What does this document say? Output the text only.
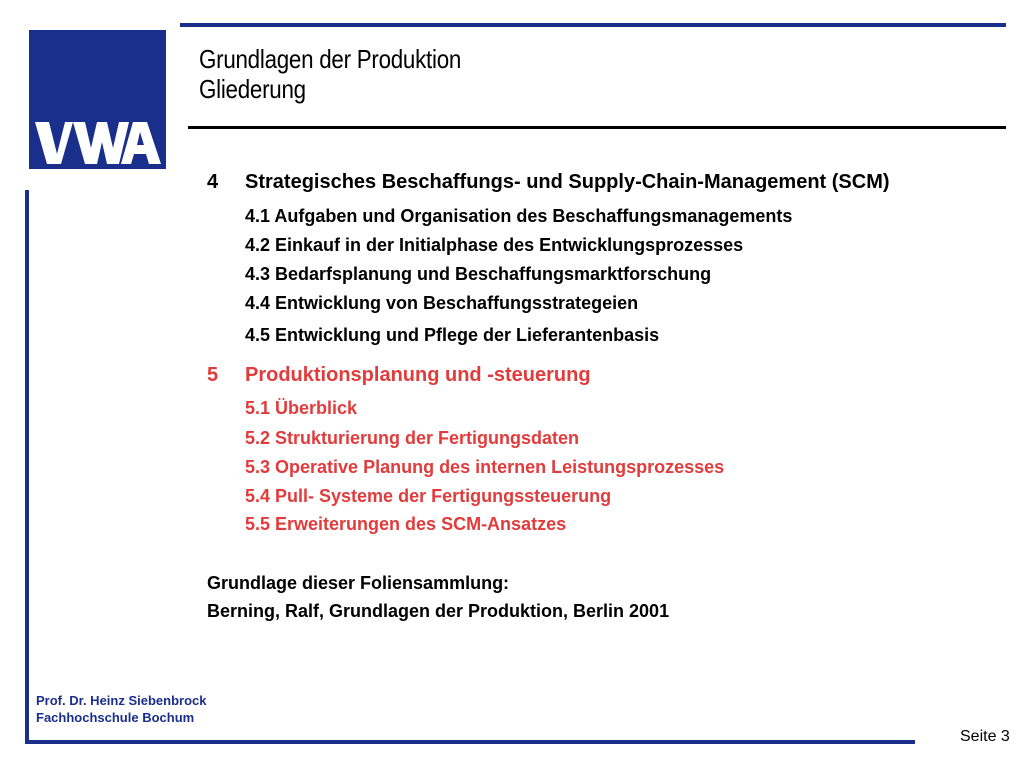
Grundlagen der Produktion
Gliederung
4 Strategisches Beschaffungs- und Supply-Chain-Management (SCM)
4.1 Aufgaben und Organisation des Beschaffungsmanagements
4.2 Einkauf in der Initialphase des Entwicklungsprozesses
4.3 Bedarfsplanung und Beschaffungsmarktforschung
4.4 Entwicklung von Beschaffungsstrategeien
4.5 Entwicklung und Pflege der Lieferantenbasis
5 Produktionsplanung und -steuerung
5.1 Überblick
5.2 Strukturierung der Fertigungsdaten
5.3 Operative Planung des internen Leistungsprozesses
5.4 Pull- Systeme der Fertigungssteuerung
5.5 Erweiterungen des SCM-Ansatzes
Grundlage dieser Foliensammlung:
Berning, Ralf, Grundlagen der Produktion, Berlin 2001
Prof. Dr. Heinz Siebenbrock
Fachhochschule Bochum
Seite 3
